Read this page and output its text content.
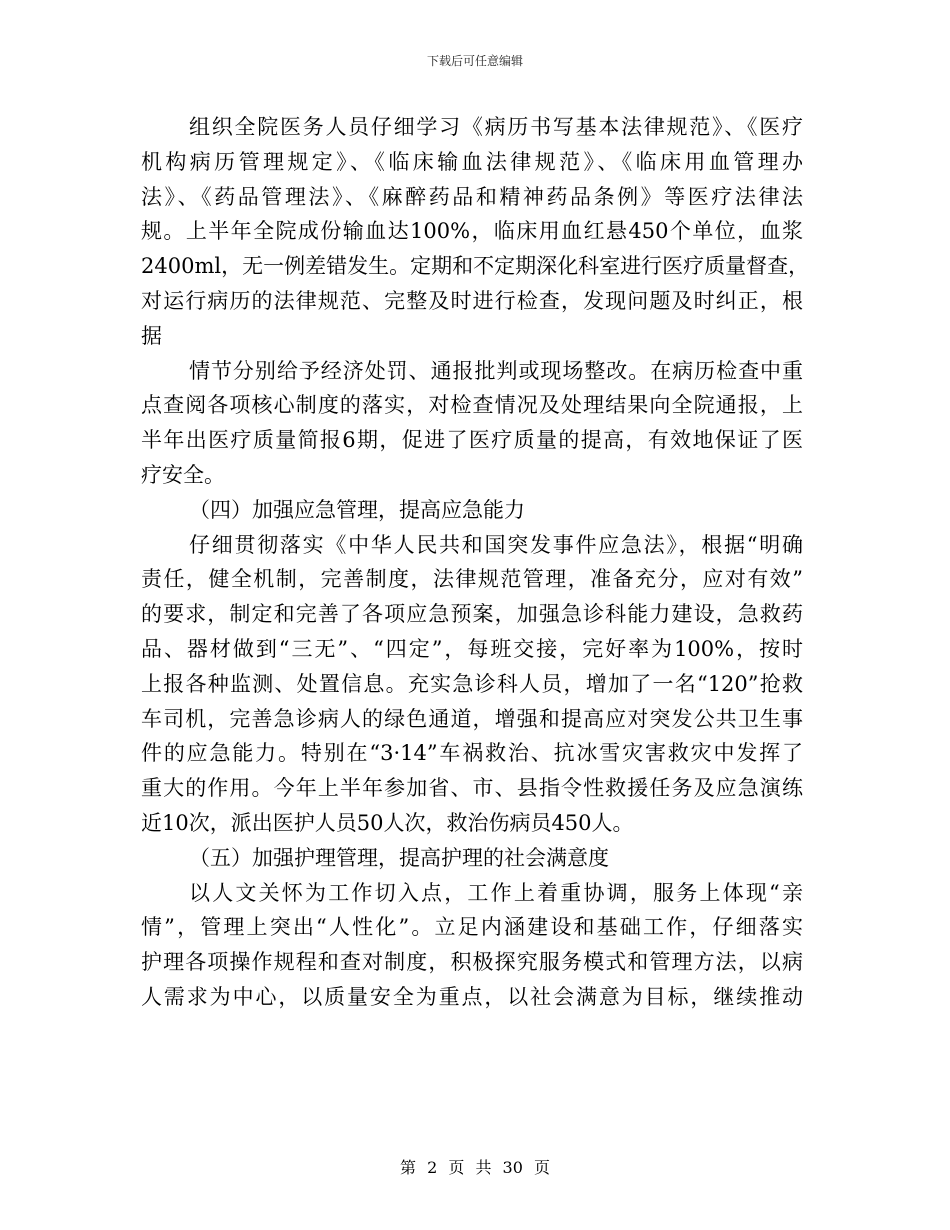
下载后可任意编辑
组织全院医务人员仔细学习《病历书写基本法律规范》、《医疗
机构病历管理规定》、《临床输血法律规范》、《临床用血管理办
法》、《药品管理法》、《麻醉药品和精神药品条例》等医疗法律法
规。上半年全院成份输血达100%，临床用血红悬450个单位，血浆
2400ml，无一例差错发生。定期和不定期深化科室进行医疗质量督查，
对运行病历的法律规范、完整及时进行检查，发现问题及时纠正，根
据
情节分别给予经济处罚、通报批判或现场整改。在病历检查中重
点查阅各项核心制度的落实，对检查情况及处理结果向全院通报，上
半年出医疗质量简报6期，促进了医疗质量的提高，有效地保证了医
疗安全。
（四）加强应急管理，提高应急能力
仔细贯彻落实《中华人民共和国突发事件应急法》，根据“明确
责任，健全机制，完善制度，法律规范管理，准备充分，应对有效”
的要求，制定和完善了各项应急预案，加强急诊科能力建设，急救药
品、器材做到“三无”、“四定”，每班交接，完好率为100%，按时
上报各种监测、处置信息。充实急诊科人员，增加了一名“120”抢救
车司机，完善急诊病人的绿色通道，增强和提高应对突发公共卫生事
件的应急能力。特别在“3·14”车祸救治、抗冰雪灾害救灾中发挥了
重大的作用。今年上半年参加省、市、县指令性救援任务及应急演练
近10次，派出医护人员50人次，救治伤病员450人。
（五）加强护理管理，提高护理的社会满意度
以人文关怀为工作切入点，工作上着重协调，服务上体现“亲
情”，管理上突出“人性化”。立足内涵建设和基础工作，仔细落实
护理各项操作规程和查对制度，积极探究服务模式和管理方法，以病
人需求为中心，以质量安全为重点，以社会满意为目标，继续推动
第 2 页 共 30 页
